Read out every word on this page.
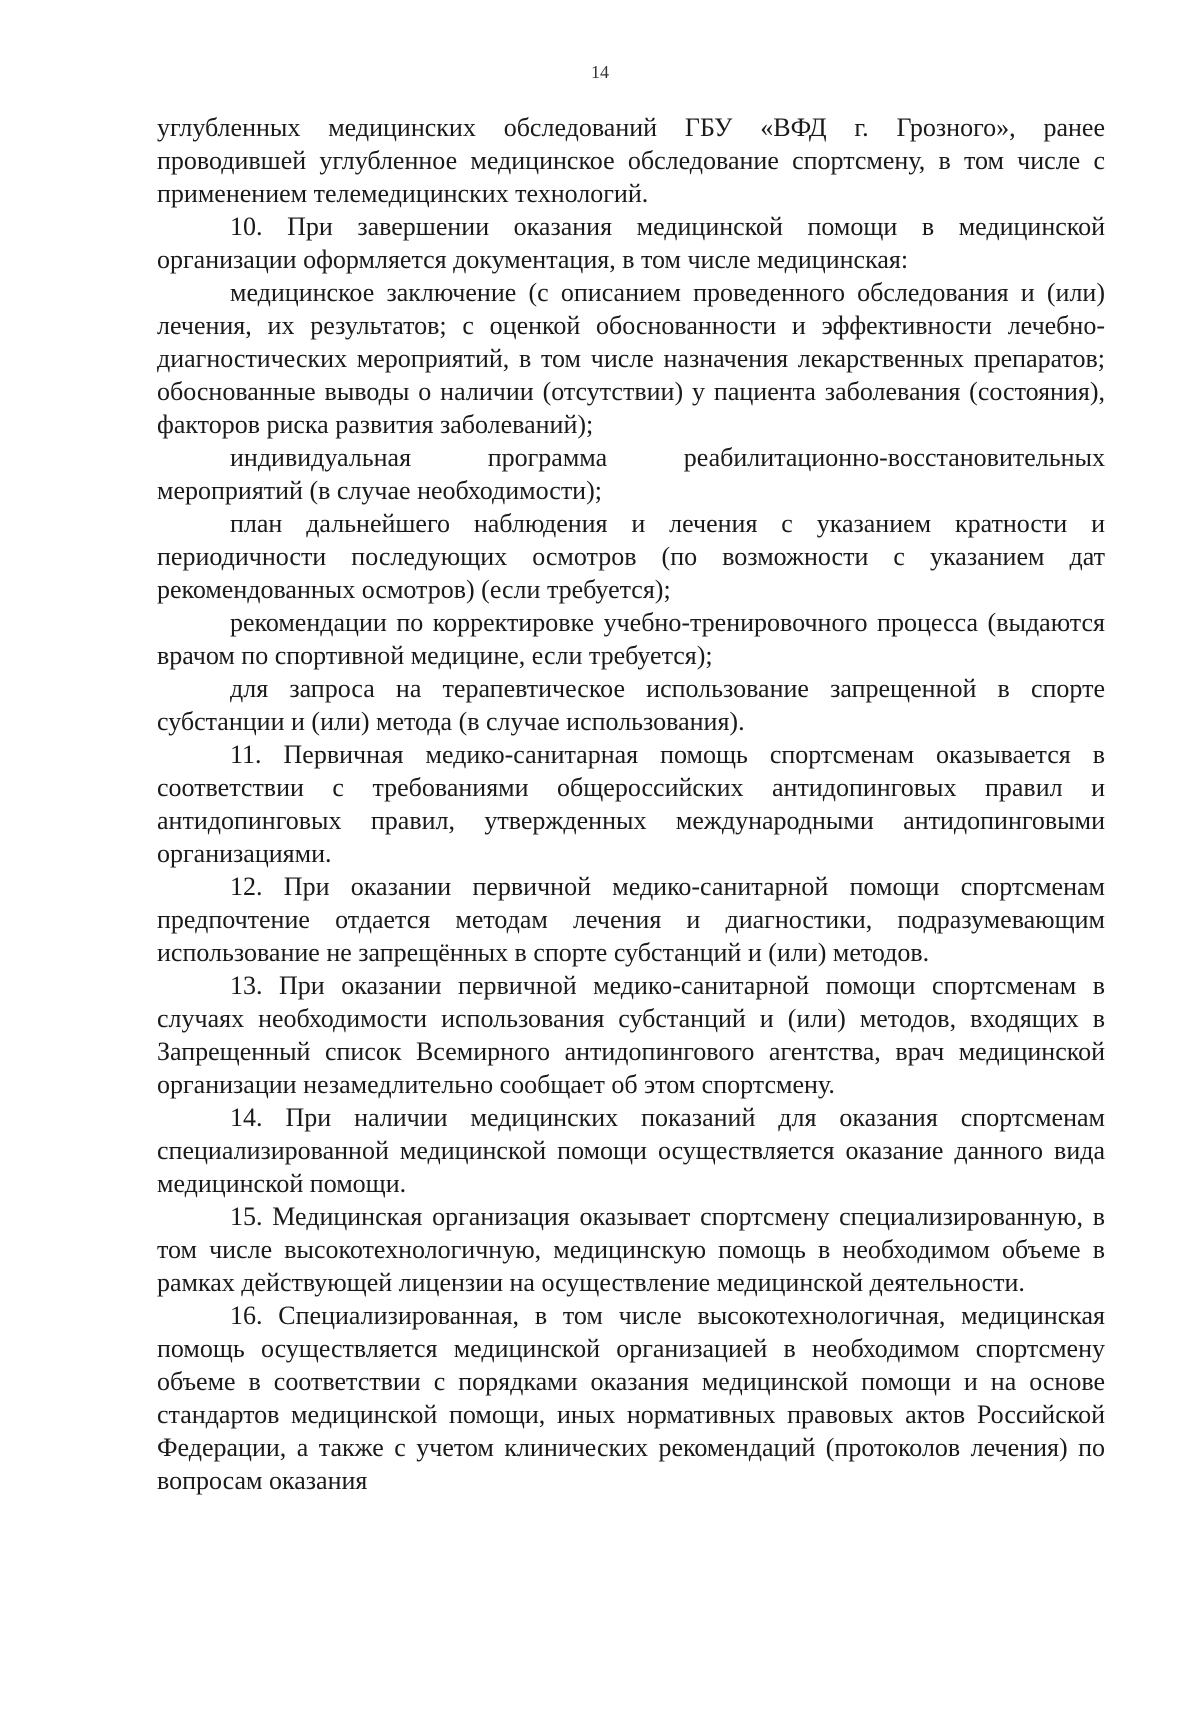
14

углубленных медицинских обследований ГБУ «ВФД г. Грозного», ранее проводившей углубленное медицинское обследование спортсмену, в том числе с применением телемедицинских технологий.

10. При завершении оказания медицинской помощи в медицинской организации оформляется документация, в том числе медицинская:

медицинское заключение (с описанием проведенного обследования и (или) лечения, их результатов; с оценкой обоснованности и эффективности лечебно-диагностических мероприятий, в том числе назначения лекарственных препаратов; обоснованные выводы о наличии (отсутствии) у пациента заболевания (состояния), факторов риска развития заболеваний);

индивидуальная программа реабилитационно-восстановительных мероприятий (в случае необходимости);

план дальнейшего наблюдения и лечения с указанием кратности и периодичности последующих осмотров (по возможности с указанием дат рекомендованных осмотров) (если требуется);

рекомендации по корректировке учебно-тренировочного процесса (выдаются врачом по спортивной медицине, если требуется);

для запроса на терапевтическое использование запрещенной в спорте субстанции и (или) метода (в случае использования).

11. Первичная медико-санитарная помощь спортсменам оказывается в соответствии с требованиями общероссийских антидопинговых правил и антидопинговых правил, утвержденных международными антидопинговыми организациями.

12. При оказании первичной медико-санитарной помощи спортсменам предпочтение отдается методам лечения и диагностики, подразумевающим использование не запрещённых в спорте субстанций и (или) методов.

13. При оказании первичной медико-санитарной помощи спортсменам в случаях необходимости использования субстанций и (или) методов, входящих в Запрещенный список Всемирного антидопингового агентства, врач медицинской организации незамедлительно сообщает об этом спортсмену.

14. При наличии медицинских показаний для оказания спортсменам специализированной медицинской помощи осуществляется оказание данного вида медицинской помощи.

15. Медицинская организация оказывает спортсмену специализированную, в том числе высокотехнологичную, медицинскую помощь в необходимом объеме в рамках действующей лицензии на осуществление медицинской деятельности.

16. Специализированная, в том числе высокотехнологичная, медицинская помощь осуществляется медицинской организацией в необходимом спортсмену объеме в соответствии с порядками оказания медицинской помощи и на основе стандартов медицинской помощи, иных нормативных правовых актов Российской Федерации, а также с учетом клинических рекомендаций (протоколов лечения) по вопросам оказания
